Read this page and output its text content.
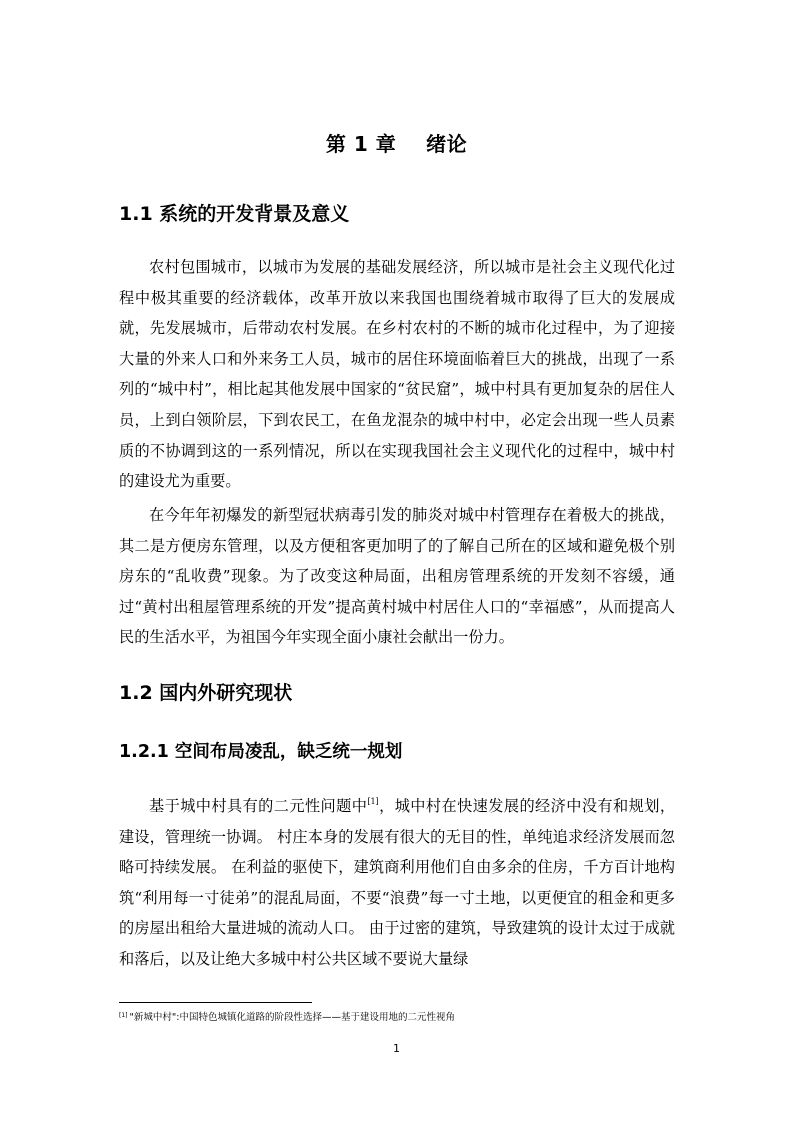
第 1 章    绪论
1.1 系统的开发背景及意义

农村包围城市，以城市为发展的基础发展经济，所以城市是社会主义现代化过程中极其重要的经济载体，改革开放以来我国也围绕着城市取得了巨大的发展成就，先发展城市，后带动农村发展。在乡村农村的不断的城市化过程中，为了迎接大量的外来人口和外来务工人员，城市的居住环境面临着巨大的挑战，出现了一系列的“城中村”，相比起其他发展中国家的“贫民窟”，城中村具有更加复杂的居住人员，上到白领阶层，下到农民工，在鱼龙混杂的城中村中，必定会出现一些人员素质的不协调到这的一系列情况，所以在实现我国社会主义现代化的过程中，城中村的建设尤为重要。

在今年年初爆发的新型冠状病毒引发的肺炎对城中村管理存在着极大的挑战，其二是方便房东管理，以及方便租客更加明了的了解自己所在的区域和避免极个别房东的“乱收费”现象。为了改变这种局面，出租房管理系统的开发刻不容缓，通过“黄村出租屋管理系统的开发”提高黄村城中村居住人口的“幸福感”，从而提高人民的生活水平，为祖国今年实现全面小康社会献出一份力。

1.2 国内外研究现状
1.2.1 空间布局凌乱，缺乏统一规划

基于城中村具有的二元性问题中[1]，城中村在快速发展的经济中没有和规划，建设，管理统一协调。 村庄本身的发展有很大的无目的性，单纯追求经济发展而忽略可持续发展。 在利益的驱使下，建筑商利用他们自由多余的住房，千方百计地构筑“利用每一寸徒弟”的混乱局面，不要“浪费”每一寸土地，以更便宜的租金和更多的房屋出租给大量进城的流动人口。 由于过密的建筑，导致建筑的设计太过于成就和落后，以及让绝大多城中村公共区域不要说大量绿

[1] "新城中村":中国特色城镇化道路的阶段性选择——基于建设用地的二元性视角
1
